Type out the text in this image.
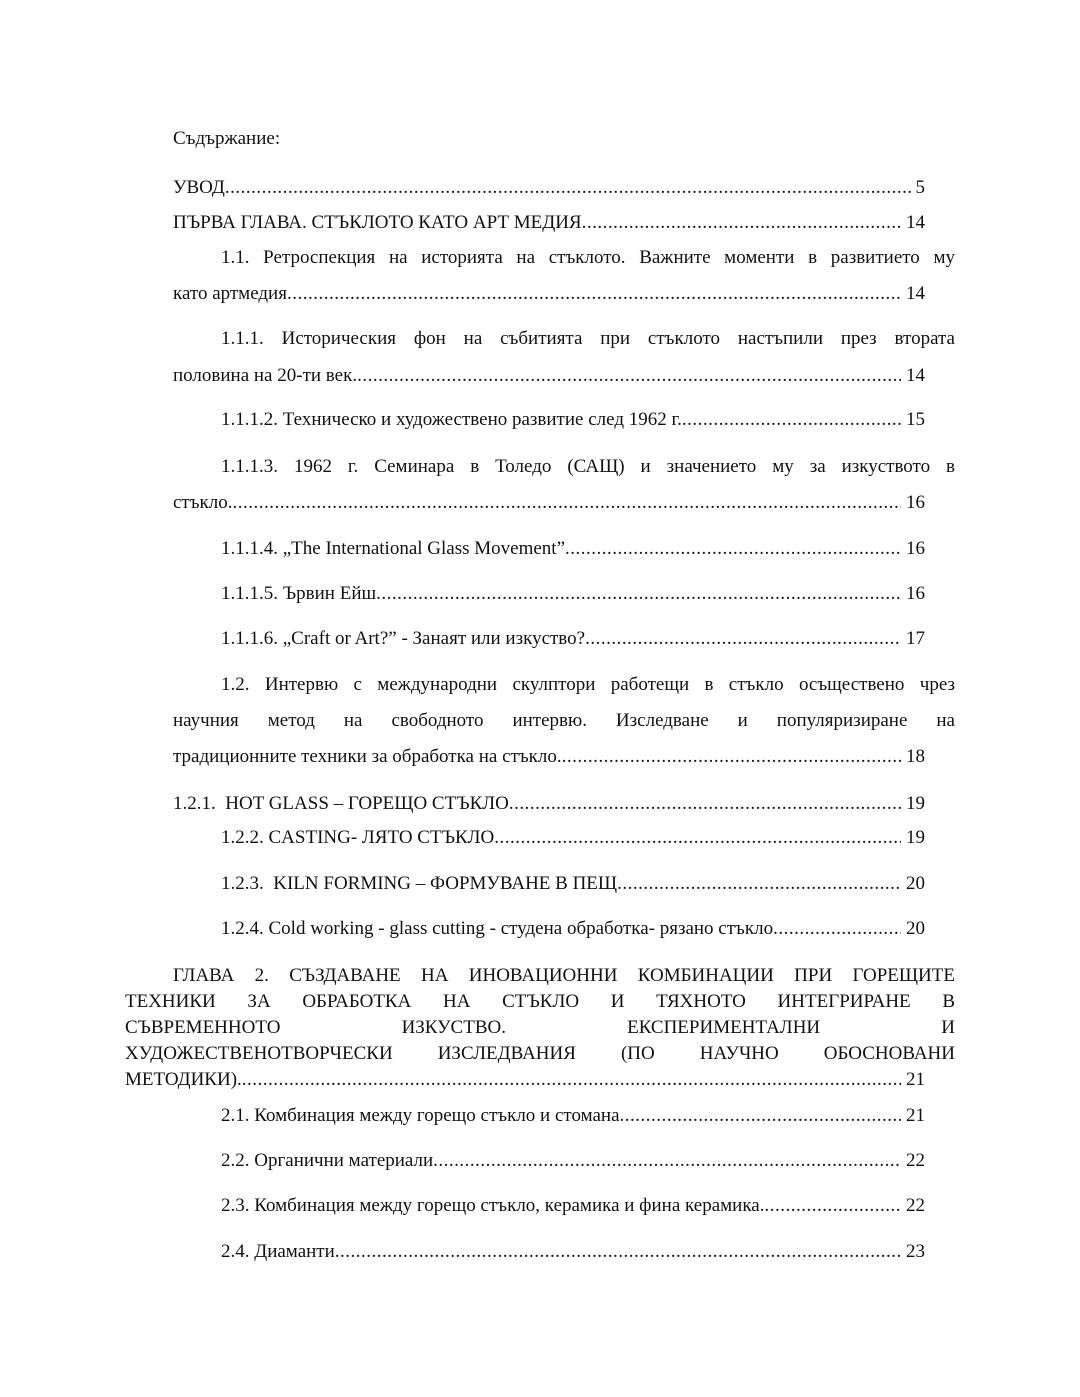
Съдържание:
УВОД .....	5
ПЪРВА ГЛАВА. СТЪКЛОТО КАТО АРТ МЕДИЯ .....	14
1.1. Ретроспекция на историята на стъклото. Важните моменти в развитието му
като артмедия .....	14
1.1.1. Историческия фон на събитията при стъклото настъпили през втората
половина на 20-ти век. .....	14
1.1.1.2. Техническо и художествено развитие след 1962 г. .....	15
1.1.1.3. 1962 г. Семинара в Толедо (САЩ) и значението му за изкуството в
стъкло. .....	16
1.1.1.4. „The International Glass Movement” .....	16
1.1.1.5. Ървин Ейш .....	16
1.1.1.6. „Craft or Art?” - Занаят или изкуство? .....	17
1.2. Интервю с международни скулптори работещи в стъкло осъществено чрез
научния метод на свободното интервю. Изследване и популяризиране на
традиционните техники за обработка на стъкло. .....	18
1.2.1.  HOT GLASS – ГОРЕЩО СТЪКЛО .....	19
1.2.2. CASTING- ЛЯТО СТЪКЛО .....	19
1.2.3.  KILN FORMING – ФОРМУВАНЕ В ПЕЩ .....	20
1.2.4. Cold working - glass cutting - студена обработка- рязано стъкло .....	20
ГЛАВА 2. СЪЗДАВАНЕ НА ИНОВАЦИОННИ КОМБИНАЦИИ ПРИ ГОРЕЩИТЕ
ТЕХНИКИ ЗА ОБРАБОТКА НА СТЪКЛО И ТЯХНОТО ИНТЕГРИРАНЕ В
СЪВРЕМЕННОТО ИЗКУСТВО. ЕКСПЕРИМЕНТАЛНИ И
ХУДОЖЕСТВЕНОТВОРЧЕСКИ ИЗСЛЕДВАНИЯ (ПО НАУЧНО ОБОСНОВАНИ
МЕТОДИКИ). .....	21
2.1. Комбинация между горещо стъкло и стомана .....	21
2.2. Органични материали .....	22
2.3. Комбинация между горещо стъкло, керамика и фина керамика. .....	22
2.4. Диаманти .....	23
